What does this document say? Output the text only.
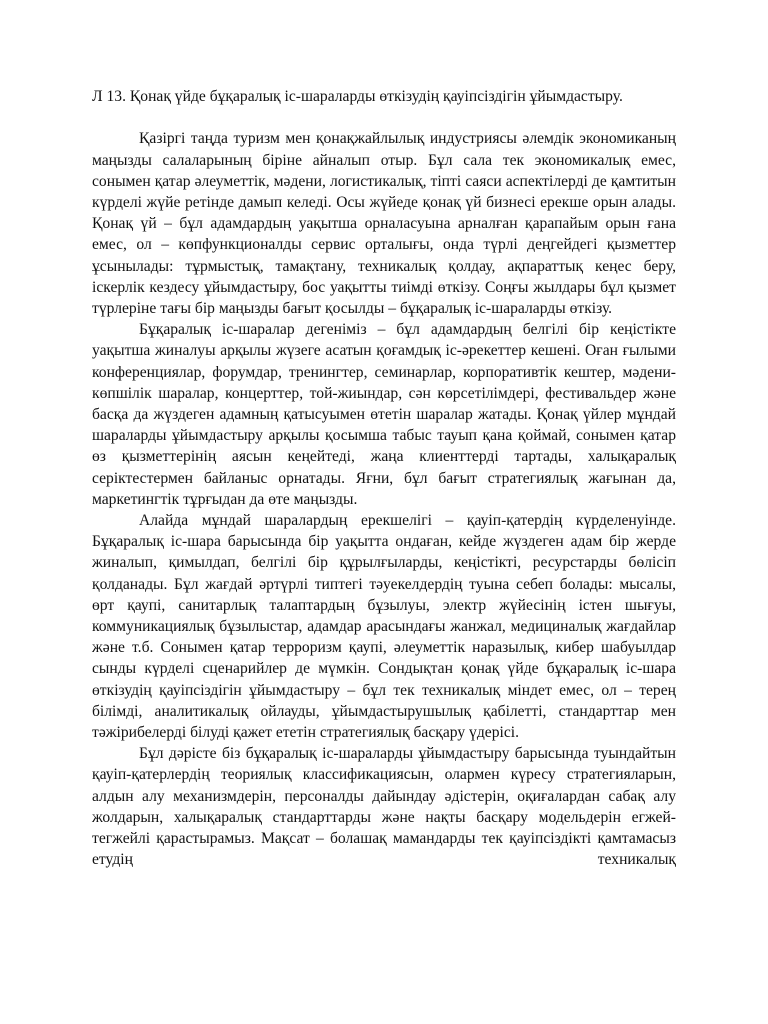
Л 13. Қонақ үйде бұқаралық іс-шараларды өткізудің қауіпсіздігін ұйымдастыру.

Қазіргі таңда туризм мен қонақжайлылық индустриясы әлемдік экономиканың маңызды салаларының біріне айналып отыр. Бұл сала тек экономикалық емес, сонымен қатар әлеуметтік, мәдени, логистикалық, тіпті саяси аспектілерді де қамтитын күрделі жүйе ретінде дамып келеді. Осы жүйеде қонақ үй бизнесі ерекше орын алады. Қонақ үй – бұл адамдардың уақытша орналасуына арналған қарапайым орын ғана емес, ол – көпфункционалды сервис орталығы, онда түрлі деңгейдегі қызметтер ұсынылады: тұрмыстық, тамақтану, техникалық қолдау, ақпараттық кеңес беру, іскерлік кездесу ұйымдастыру, бос уақытты тиімді өткізу. Соңғы жылдары бұл қызмет түрлеріне тағы бір маңызды бағыт қосылды – бұқаралық іс-шараларды өткізу.

Бұқаралық іс-шаралар дегеніміз – бұл адамдардың белгілі бір кеңістікте уақытша жиналуы арқылы жүзеге асатын қоғамдық іс-әрекеттер кешені. Оған ғылыми конференциялар, форумдар, тренингтер, семинарлар, корпоративтік кештер, мәдени-көпшілік шаралар, концерттер, той-жиындар, сән көрсетілімдері, фестивальдер және басқа да жүздеген адамның қатысуымен өтетін шаралар жатады. Қонақ үйлер мұндай шараларды ұйымдастыру арқылы қосымша табыс тауып қана қоймай, сонымен қатар өз қызметтерінің аясын кеңейтеді, жаңа клиенттерді тартады, халықаралық серіктестермен байланыс орнатады. Яғни, бұл бағыт стратегиялық жағынан да, маркетингтік тұрғыдан да өте маңызды.

Алайда мұндай шаралардың ерекшелігі – қауіп-қатердің күрделенуінде. Бұқаралық іс-шара барысында бір уақытта ондаған, кейде жүздеген адам бір жерде жиналып, қимылдап, белгілі бір құрылғыларды, кеңістікті, ресурстарды бөлісіп қолданады. Бұл жағдай әртүрлі типтегі тәуекелдердің туына себеп болады: мысалы, өрт қаупі, санитарлық талаптардың бұзылуы, электр жүйесінің істен шығуы, коммуникациялық бұзылыстар, адамдар арасындағы жанжал, медициналық жағдайлар және т.б. Сонымен қатар терроризм қаупі, әлеуметтік наразылық, кибер шабуылдар сынды күрделі сценарийлер де мүмкін. Сондықтан қонақ үйде бұқаралық іс-шара өткізудің қауіпсіздігін ұйымдастыру – бұл тек техникалық міндет емес, ол – терең білімді, аналитикалық ойлауды, ұйымдастырушылық қабілетті, стандарттар мен тәжірибелерді білуді қажет ететін стратегиялық басқару үдерісі.

Бұл дәрісте біз бұқаралық іс-шараларды ұйымдастыру барысында туындайтын қауіп-қатерлердің теориялық классификациясын, олармен күресу стратегияларын, алдын алу механизмдерін, персоналды дайындау әдістерін, оқиғалардан сабақ алу жолдарын, халықаралық стандарттарды және нақты басқару модельдерін егжей-тегжейлі қарастырамыз. Мақсат – болашақ мамандарды тек қауіпсіздікті қамтамасыз етудің техникалық
